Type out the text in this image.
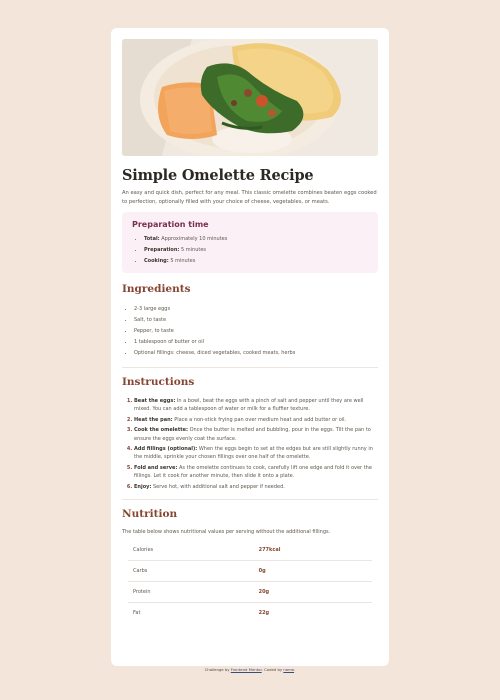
Simple Omelette Recipe

An easy and quick dish, perfect for any meal. This classic omelette combines beaten eggs cooked to perfection, optionally filled with your choice of cheese, vegetables, or meats.

Preparation time
• Total: Approximately 10 minutes
• Preparation: 5 minutes
• Cooking: 5 minutes
Ingredients
• 2-3 large eggs
• Salt, to taste
• Pepper, to taste
• 1 tablespoon of butter or oil
• Optional fillings: cheese, diced vegetables, cooked meats, herbs
Instructions
1. Beat the eggs: In a bowl, beat the eggs with a pinch of salt and pepper until they are well mixed. You can add a tablespoon of water or milk for a fluffier texture.
2. Heat the pan: Place a non-stick frying pan over medium heat and add butter or oil.
3. Cook the omelette: Once the butter is melted and bubbling, pour in the eggs. Tilt the pan to ensure the eggs evenly coat the surface.
4. Add fillings (optional): When the eggs begin to set at the edges but are still slightly runny in the middle, sprinkle your chosen fillings over one half of the omelette.
5. Fold and serve: As the omelette continues to cook, carefully lift one edge and fold it over the fillings. Let it cook for another minute, then slide it onto a plate.
6. Enjoy: Serve hot, with additional salt and pepper if needed.
Nutrition

The table below shows nutritional values per serving without the additional fillings.

Calories	277kcal
Carbs	0g
Protein	20g
Fat	22g
Challenge by Frontend Mentor. Coded by name.
